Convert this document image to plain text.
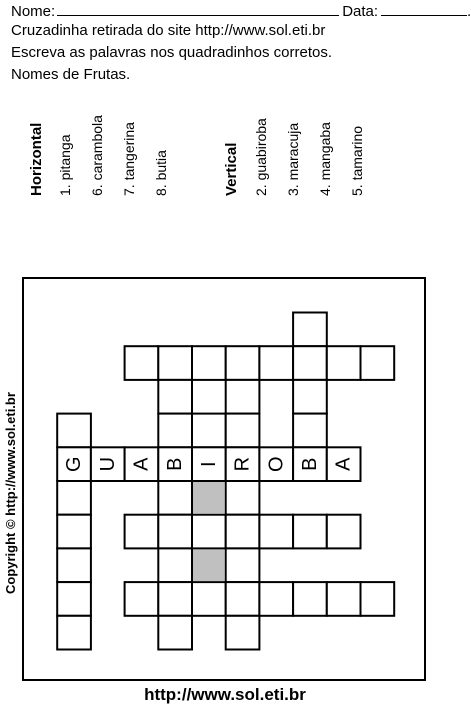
Nome:	Data:	.
Cruzadinha retirada do site http://www.sol.eti.br
Escreva as palavras nos quadradinhos corretos.
Nomes de Frutas.
Horizontal	Vertical
1. pitanga 6. carambola 7. tangerina 8. butia	2. guabiroba 3. maracuja 4. mangaba 5. tamarino
G U A B I R O B A
Copyright © http://www.sol.eti.br
http://www.sol.eti.br
